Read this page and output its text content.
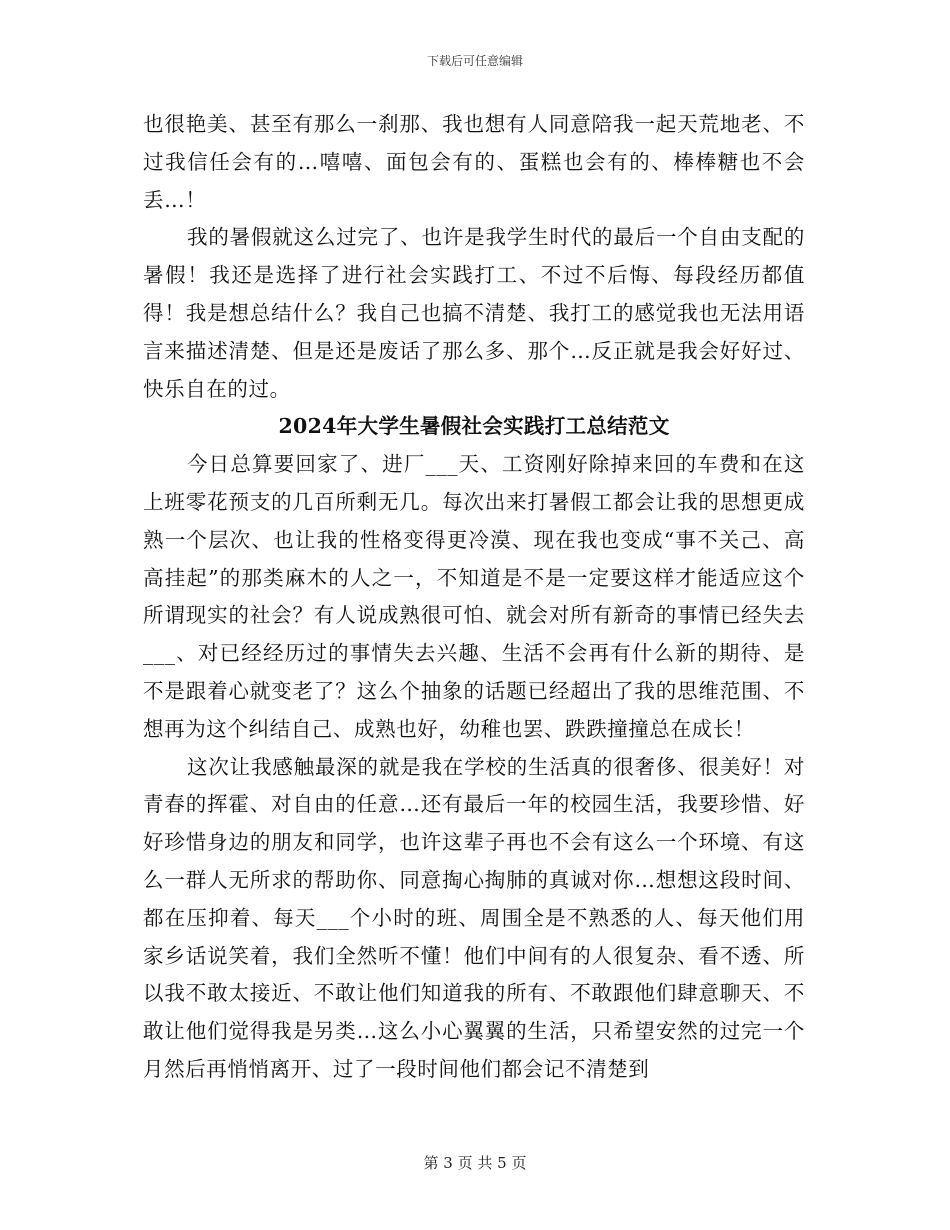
下载后可任意编辑

也很艳美、甚至有那么一刹那、我也想有人同意陪我一起天荒地老、不过我信任会有的…嘻嘻、面包会有的、蛋糕也会有的、棒棒糖也不会丢…！

我的暑假就这么过完了、也许是我学生时代的最后一个自由支配的暑假！我还是选择了进行社会实践打工、不过不后悔、每段经历都值得！我是想总结什么？我自己也搞不清楚、我打工的感觉我也无法用语言来描述清楚、但是还是废话了那么多、那个…反正就是我会好好过、快乐自在的过。

2024年大学生暑假社会实践打工总结范文

今日总算要回家了、进厂___天、工资刚好除掉来回的车费和在这上班零花预支的几百所剩无几。每次出来打暑假工都会让我的思想更成熟一个层次、也让我的性格变得更冷漠、现在我也变成“事不关己、高高挂起”的那类麻木的人之一，不知道是不是一定要这样才能适应这个所谓现实的社会？有人说成熟很可怕、就会对所有新奇的事情已经失去___、对已经经历过的事情失去兴趣、生活不会再有什么新的期待、是不是跟着心就变老了？这么个抽象的话题已经超出了我的思维范围、不想再为这个纠结自己、成熟也好，幼稚也罢、跌跌撞撞总在成长！

这次让我感触最深的就是我在学校的生活真的很奢侈、很美好！对青春的挥霍、对自由的任意…还有最后一年的校园生活，我要珍惜、好好珍惜身边的朋友和同学，也许这辈子再也不会有这么一个环境、有这么一群人无所求的帮助你、同意掏心掏肺的真诚对你…想想这段时间、都在压抑着、每天___个小时的班、周围全是不熟悉的人、每天他们用家乡话说笑着，我们全然听不懂！他们中间有的人很复杂、看不透、所以我不敢太接近、不敢让他们知道我的所有、不敢跟他们肆意聊天、不敢让他们觉得我是另类…这么小心翼翼的生活，只希望安然的过完一个月然后再悄悄离开、过了一段时间他们都会记不清楚到

第 3 页 共 5 页
